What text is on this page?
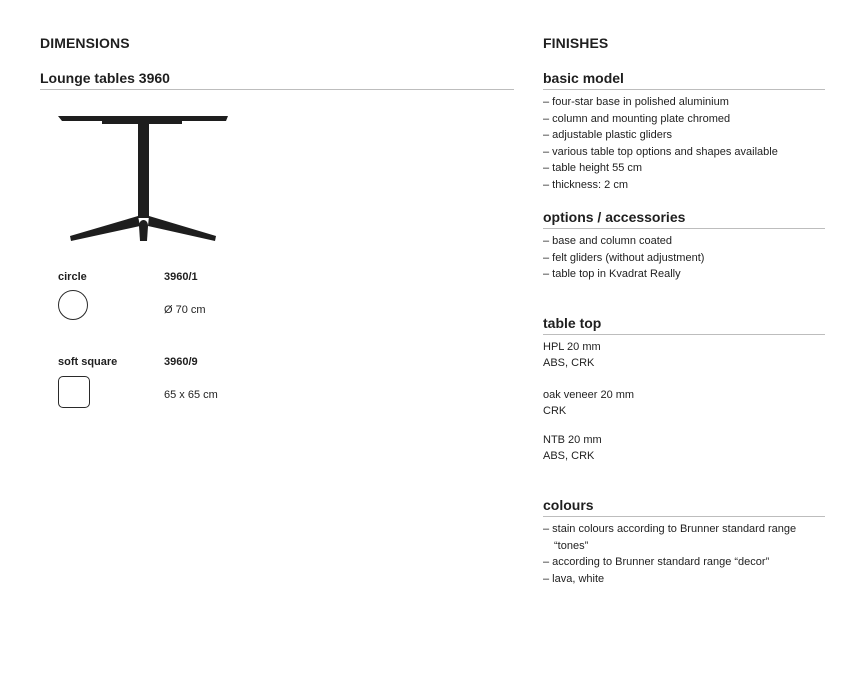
DIMENSIONS
Lounge tables 3960
circle	3960/1
Ø 70 cm
soft square	3960/9
65 x 65 cm
FINISHES
basic model
– four-star base in polished aluminium
– column and mounting plate chromed
– adjustable plastic gliders
– various table top options and shapes available
– table height 55 cm
– thickness: 2 cm
options / accessories
– base and column coated
– felt gliders (without adjustment)
– table top in Kvadrat Really
table top
HPL 20 mm
ABS, CRK
oak veneer 20 mm
CRK
NTB 20 mm
ABS, CRK
colours
– stain colours according to Brunner standard range
“tones”
– according to Brunner standard range “decor”
– lava, white
